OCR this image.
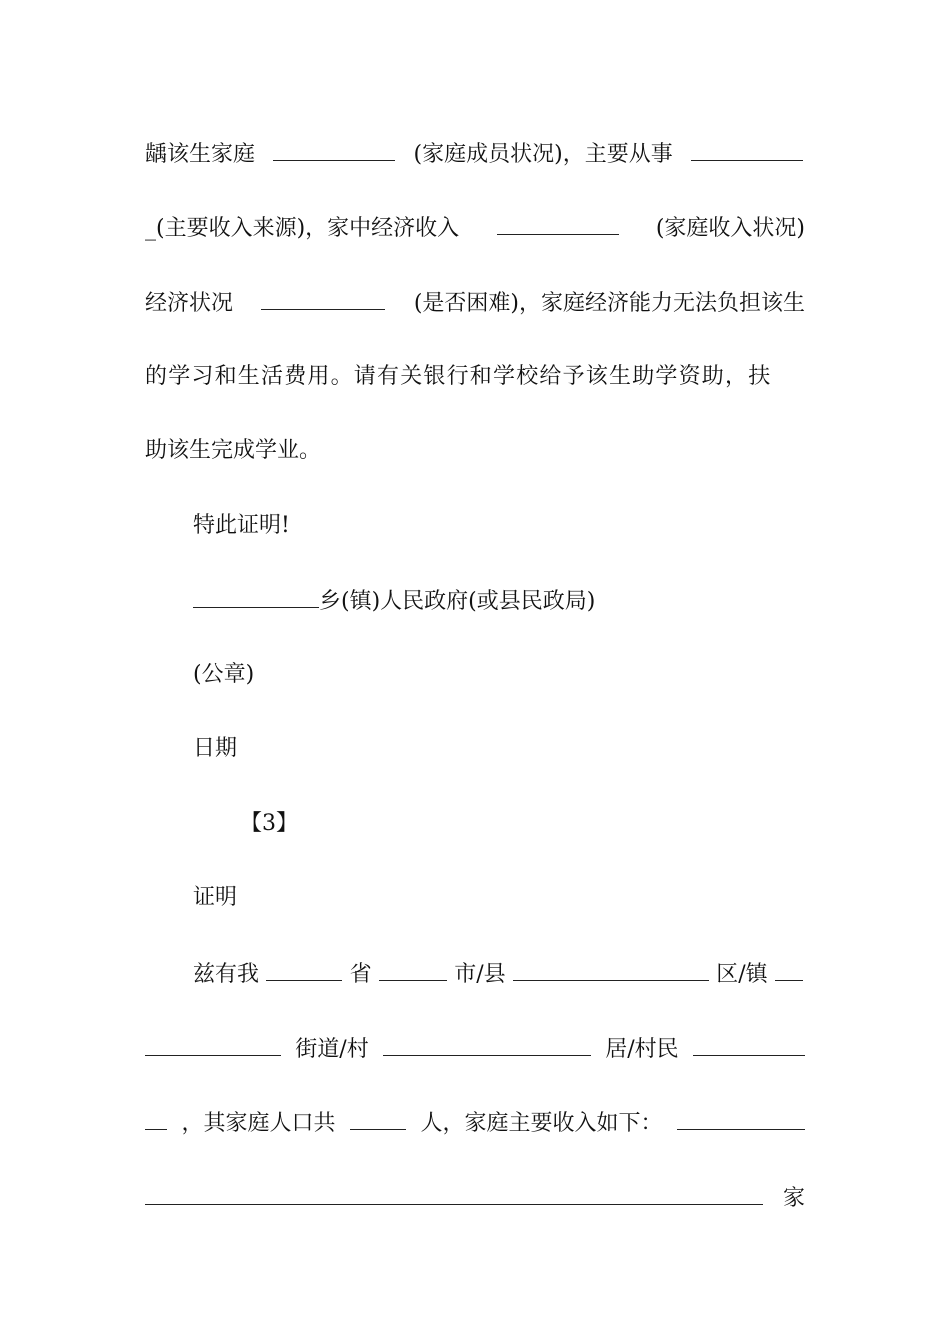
龋该生家庭	(家庭成员状况)，主要从事
_(主要收入来源)，家中经济收入	(家庭收入状况)
经济状况	(是否困难)，家庭经济能力无法负担该生
的学习和生活费用。请有关银行和学校给予该生助学资助，扶
助该生完成学业。
特此证明!
乡(镇)人民政府(或县民政局)
(公章)
日期
【3】
证明
兹有我	省	市/县	区/镇
街道/村	居/村民
，其家庭人口共	人，家庭主要收入如下：
家
